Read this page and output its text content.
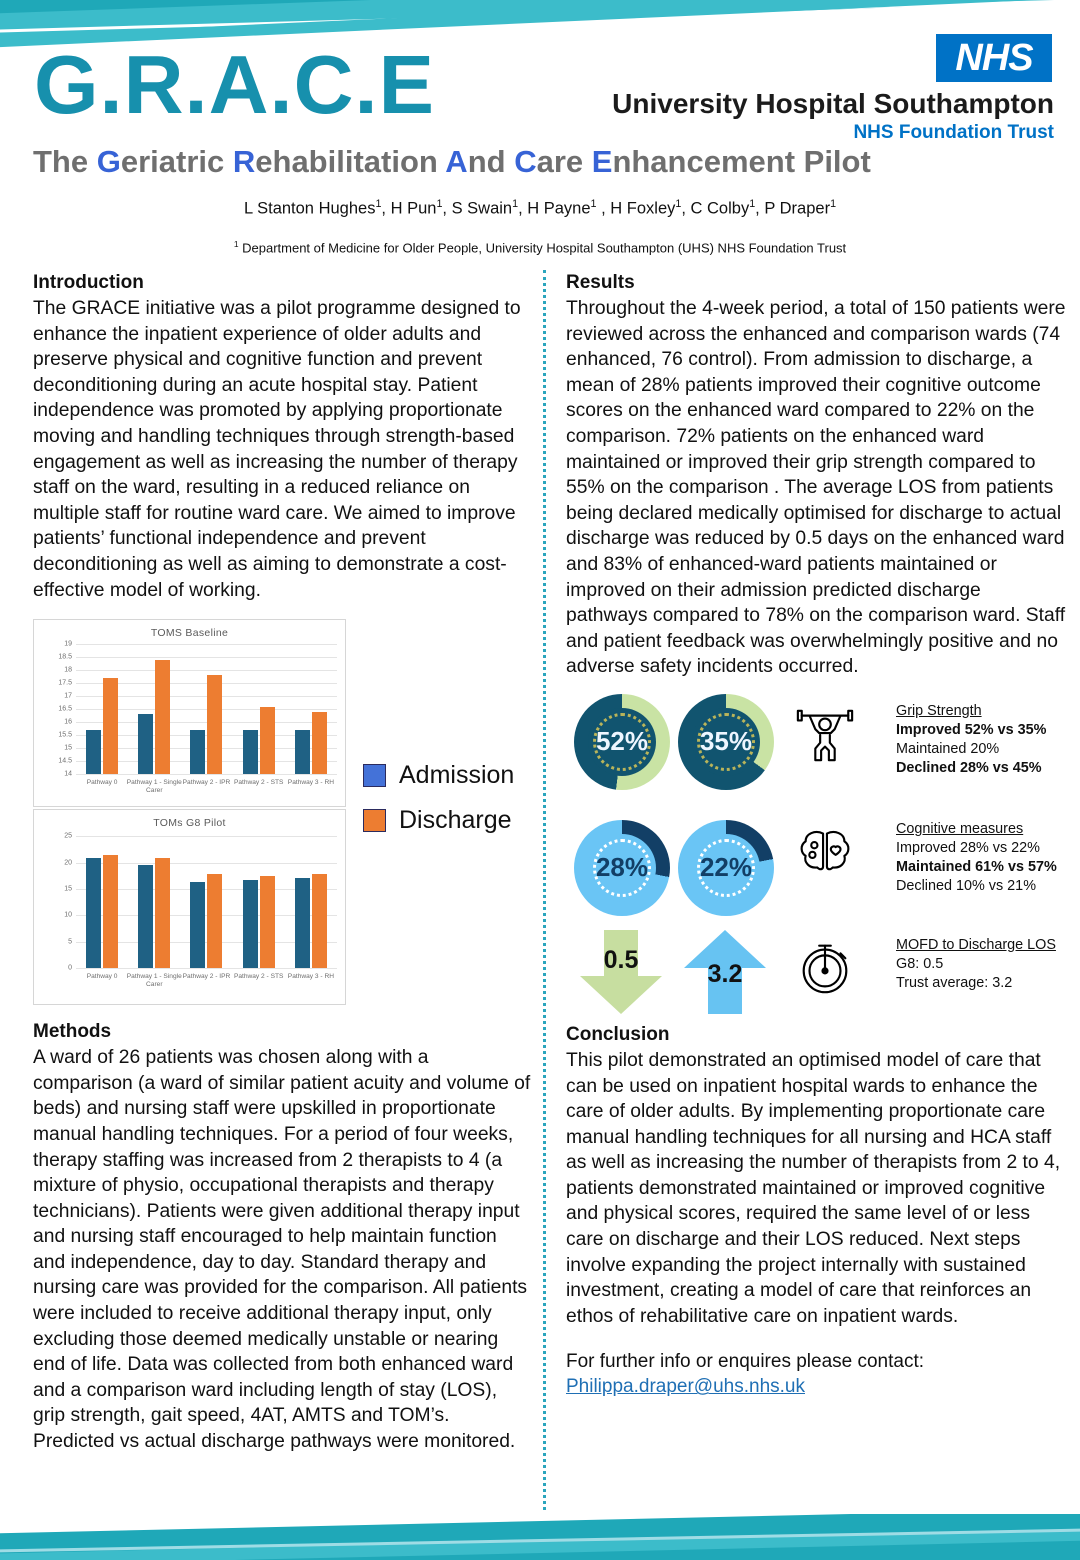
G.R.A.C.E	NHS
University Hospital Southampton
NHS Foundation Trust
The Geriatric Rehabilitation And Care Enhancement Pilot
L Stanton Hughes$^1$, H Pun$^1$, S Swain$^1$, H Payne$^1$ , H Foxley$^1$, C Colby$^1$, P Draper$^1$
$^1$ Department of Medicine for Older People, University Hospital Southampton (UHS) NHS Foundation Trust
Introduction

The GRACE initiative was a pilot programme designed to enhance the inpatient experience of older adults and preserve physical and cognitive function and prevent deconditioning during an acute hospital stay. Patient independence was promoted by applying proportionate moving and handling techniques through strength-based engagement as well as increasing the number of therapy staff on the ward, resulting in a reduced reliance on multiple staff for routine ward care. We aimed to improve patients’ functional independence and prevent deconditioning as well as aiming to demonstrate a cost-effective model of working.

TOMS Baseline
14
14.5
15
15.5
16
16.5
17
17.5
18
18.5
19
Pathway 0	Pathway 1 - Single Carer
Pathway 2 - IPR Pathway 2 - STS Pathway 3 - RH
TOMs G8 Pilot
0
5
10
15
20
25
Pathway 0	Pathway 1 - Single Carer
Pathway 2 - IPR Pathway 2 - STS Pathway 3 - RH
Admission
Discharge
Methods

A ward of 26 patients was chosen along with a comparison (a ward of similar patient acuity and volume of beds) and nursing staff were upskilled in proportionate manual handling techniques. For a period of four weeks, therapy staffing was increased from 2 therapists to 4 (a mixture of physio, occupational therapists and therapy technicians). Patients were given additional therapy input and nursing staff encouraged to help maintain function and independence, day to day. Standard therapy and nursing care was provided for the comparison. All patients were included to receive additional therapy input, only excluding those deemed medically unstable or nearing end of life. Data was collected from both enhanced ward and a comparison ward including length of stay (LOS), grip strength, gait speed, 4AT, AMTS and TOM’s. Predicted vs actual discharge pathways were monitored.

Results

Throughout the 4-week period, a total of 150 patients were reviewed across the enhanced and comparison wards (74 enhanced, 76 control). From admission to discharge, a mean of 28% patients improved their cognitive outcome scores on the enhanced ward compared to 22% on the comparison. 72% patients on the enhanced ward maintained or improved their grip strength compared to 55% on the comparison . The average LOS from patients being declared medically optimised for discharge to actual discharge was reduced by 0.5 days on the enhanced ward and 83% of enhanced-ward patients maintained or improved on their admission predicted discharge pathways compared to 78% on the comparison ward. Staff and patient feedback was overwhelmingly positive and no adverse safety incidents occurred.

52%	35%
28%	22%
0.5	3.2
Grip Strength
Improved 52% vs 35%
Maintained 20%
Declined 28% vs 45%
Cognitive measures
Improved 28% vs 22%
Maintained 61% vs 57%
Declined 10% vs 21%
MOFD to Discharge LOS
G8: 0.5
Trust average: 3.2
Conclusion

This pilot demonstrated an optimised model of care that can be used on inpatient hospital wards to enhance the care of older adults. By implementing proportionate care manual handling techniques for all nursing and HCA staff as well as increasing the number of therapists from 2 to 4, patients demonstrated maintained or improved cognitive and physical scores, required the same level of or less care on discharge and their LOS reduced. Next steps involve expanding the project internally with sustained investment, creating a model of care that reinforces an ethos of rehabilitative care on inpatient wards.

For further info or enquires please contact:
Philippa.draper@uhs.nhs.uk
